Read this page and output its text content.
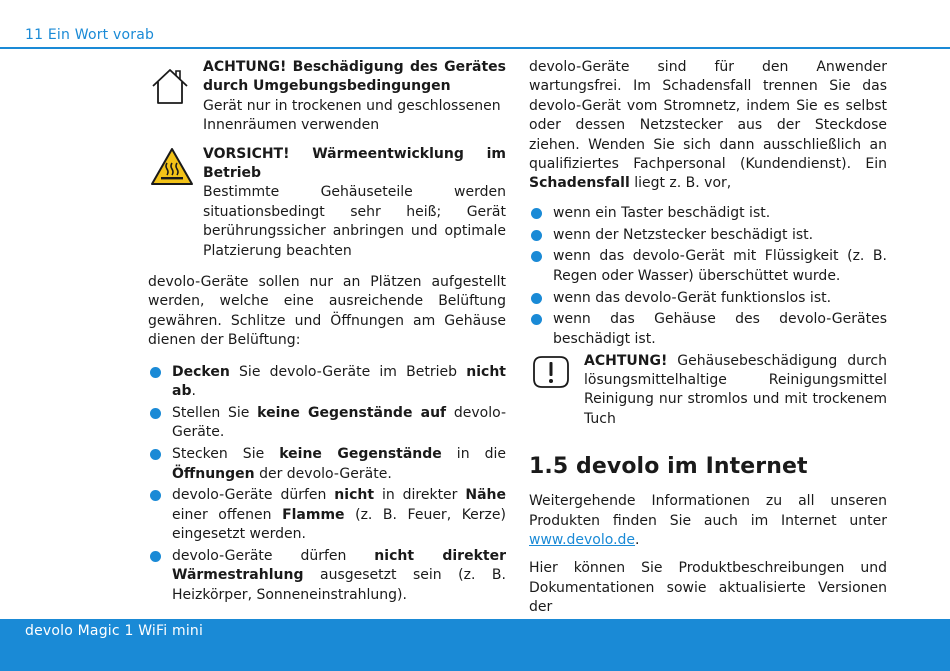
11 Ein Wort vorab

ACHTUNG! Beschädigung des Gerätes durch Umgebungsbedingungen

Gerät nur in trockenen und geschlossenen Innenräumen verwenden

VORSICHT! Wärmeentwicklung im Betrieb

Bestimmte Gehäuseteile werden situationsbedingt sehr heiß; Gerät berührungssicher anbringen und optimale Platzierung beachten

devolo-Geräte sollen nur an Plätzen aufgestellt werden, welche eine ausreichende Belüftung gewähren. Schlitze und Öffnungen am Gehäuse dienen der Belüftung:

Decken Sie devolo-Geräte im Betrieb nicht ab.
Stellen Sie keine Gegenstände auf devolo-Geräte.
Stecken Sie keine Gegenstände in die Öffnungen der devolo-Geräte.
devolo-Geräte dürfen nicht in direkter Nähe einer offenen Flamme (z. B. Feuer, Kerze) eingesetzt werden.
devolo-Geräte dürfen nicht direkter Wärmestrahlung ausgesetzt sein (z. B. Heizkörper, Sonneneinstrahlung).

devolo-Geräte sind für den Anwender wartungsfrei. Im Schadensfall trennen Sie das devolo-Gerät vom Stromnetz, indem Sie es selbst oder dessen Netzstecker aus der Steckdose ziehen. Wenden Sie sich dann ausschließlich an qualifiziertes Fachpersonal (Kundendienst). Ein Schadensfall liegt z. B. vor,

wenn ein Taster beschädigt ist.
wenn der Netzstecker beschädigt ist.
wenn das devolo-Gerät mit Flüssigkeit (z. B. Regen oder Wasser) überschüttet wurde.
wenn das devolo-Gerät funktionslos ist.
wenn das Gehäuse des devolo-Gerätes beschädigt ist.

ACHTUNG! Gehäusebeschädigung durch lösungsmittelhaltige Reinigungsmittel Reinigung nur stromlos und mit trockenem Tuch

1.5 devolo im Internet

Weitergehende Informationen zu all unseren Produkten finden Sie auch im Internet unter www.devolo.de.

Hier können Sie Produktbeschreibungen und Dokumentationen sowie aktualisierte Versionen der

devolo Magic 1 WiFi mini
